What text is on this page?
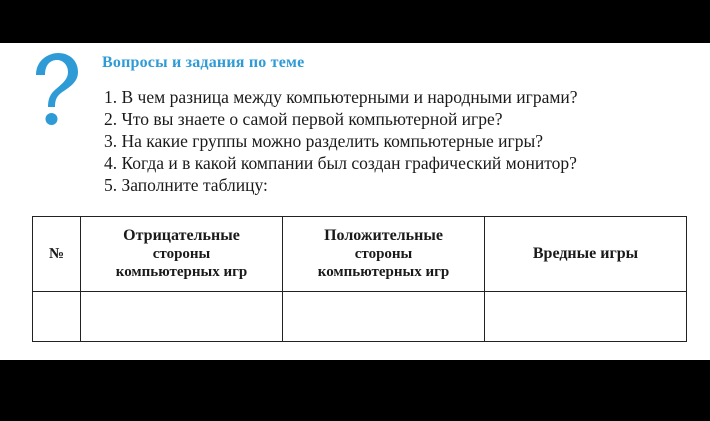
Вопросы и задания по теме
1. В чем разница между компьютерными и народными играми?
2. Что вы знаете о самой первой компьютерной игре?
3. На какие группы можно разделить компьютерные игры?
4. Когда и в какой компании был создан графический монитор?
5. Заполните таблицу:
№	Отрицательные
стороны
компьютерных игр	Положительные
стороны
компьютерных игр	Вредные игры
